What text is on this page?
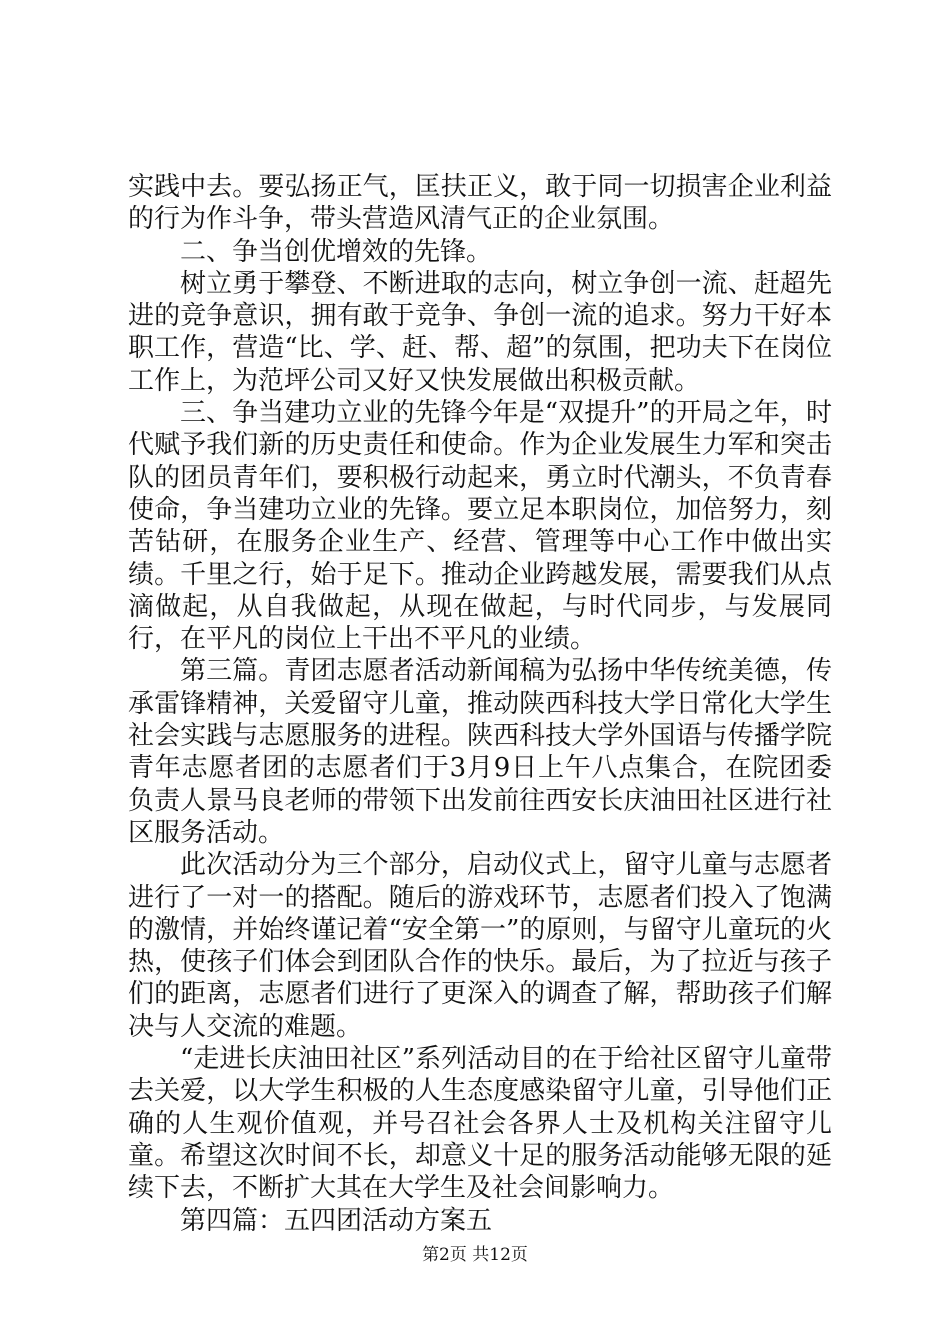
实践中去。要弘扬正气，匡扶正义，敢于同一切损害企业利益的行为作斗争，带头营造风清气正的企业氛围。

二、争当创优增效的先锋。

树立勇于攀登、不断进取的志向，树立争创一流、赶超先进的竞争意识，拥有敢于竞争、争创一流的追求。努力干好本职工作，营造“比、学、赶、帮、超”的氛围，把功夫下在岗位工作上，为范坪公司又好又快发展做出积极贡献。

三、争当建功立业的先锋今年是“双提升”的开局之年，时代赋予我们新的历史责任和使命。作为企业发展生力军和突击队的团员青年们，要积极行动起来，勇立时代潮头，不负青春使命，争当建功立业的先锋。要立足本职岗位，加倍努力，刻苦钻研，在服务企业生产、经营、管理等中心工作中做出实绩。千里之行，始于足下。推动企业跨越发展，需要我们从点滴做起，从自我做起，从现在做起，与时代同步，与发展同行，在平凡的岗位上干出不平凡的业绩。

第三篇。青团志愿者活动新闻稿为弘扬中华传统美德，传承雷锋精神，关爱留守儿童，推动陕西科技大学日常化大学生社会实践与志愿服务的进程。陕西科技大学外国语与传播学院青年志愿者团的志愿者们于3月9日上午八点集合，在院团委负责人景马良老师的带领下出发前往西安长庆油田社区进行社区服务活动。

此次活动分为三个部分，启动仪式上，留守儿童与志愿者进行了一对一的搭配。随后的游戏环节，志愿者们投入了饱满的激情，并始终谨记着“安全第一”的原则，与留守儿童玩的火热，使孩子们体会到团队合作的快乐。最后，为了拉近与孩子们的距离，志愿者们进行了更深入的调查了解，帮助孩子们解决与人交流的难题。

“走进长庆油田社区”系列活动目的在于给社区留守儿童带去关爱，以大学生积极的人生态度感染留守儿童，引导他们正确的人生观价值观，并号召社会各界人士及机构关注留守儿童。希望这次时间不长，却意义十足的服务活动能够无限的延续下去，不断扩大其在大学生及社会间影响力。

第四篇：五四团活动方案五

第2页 共12页
